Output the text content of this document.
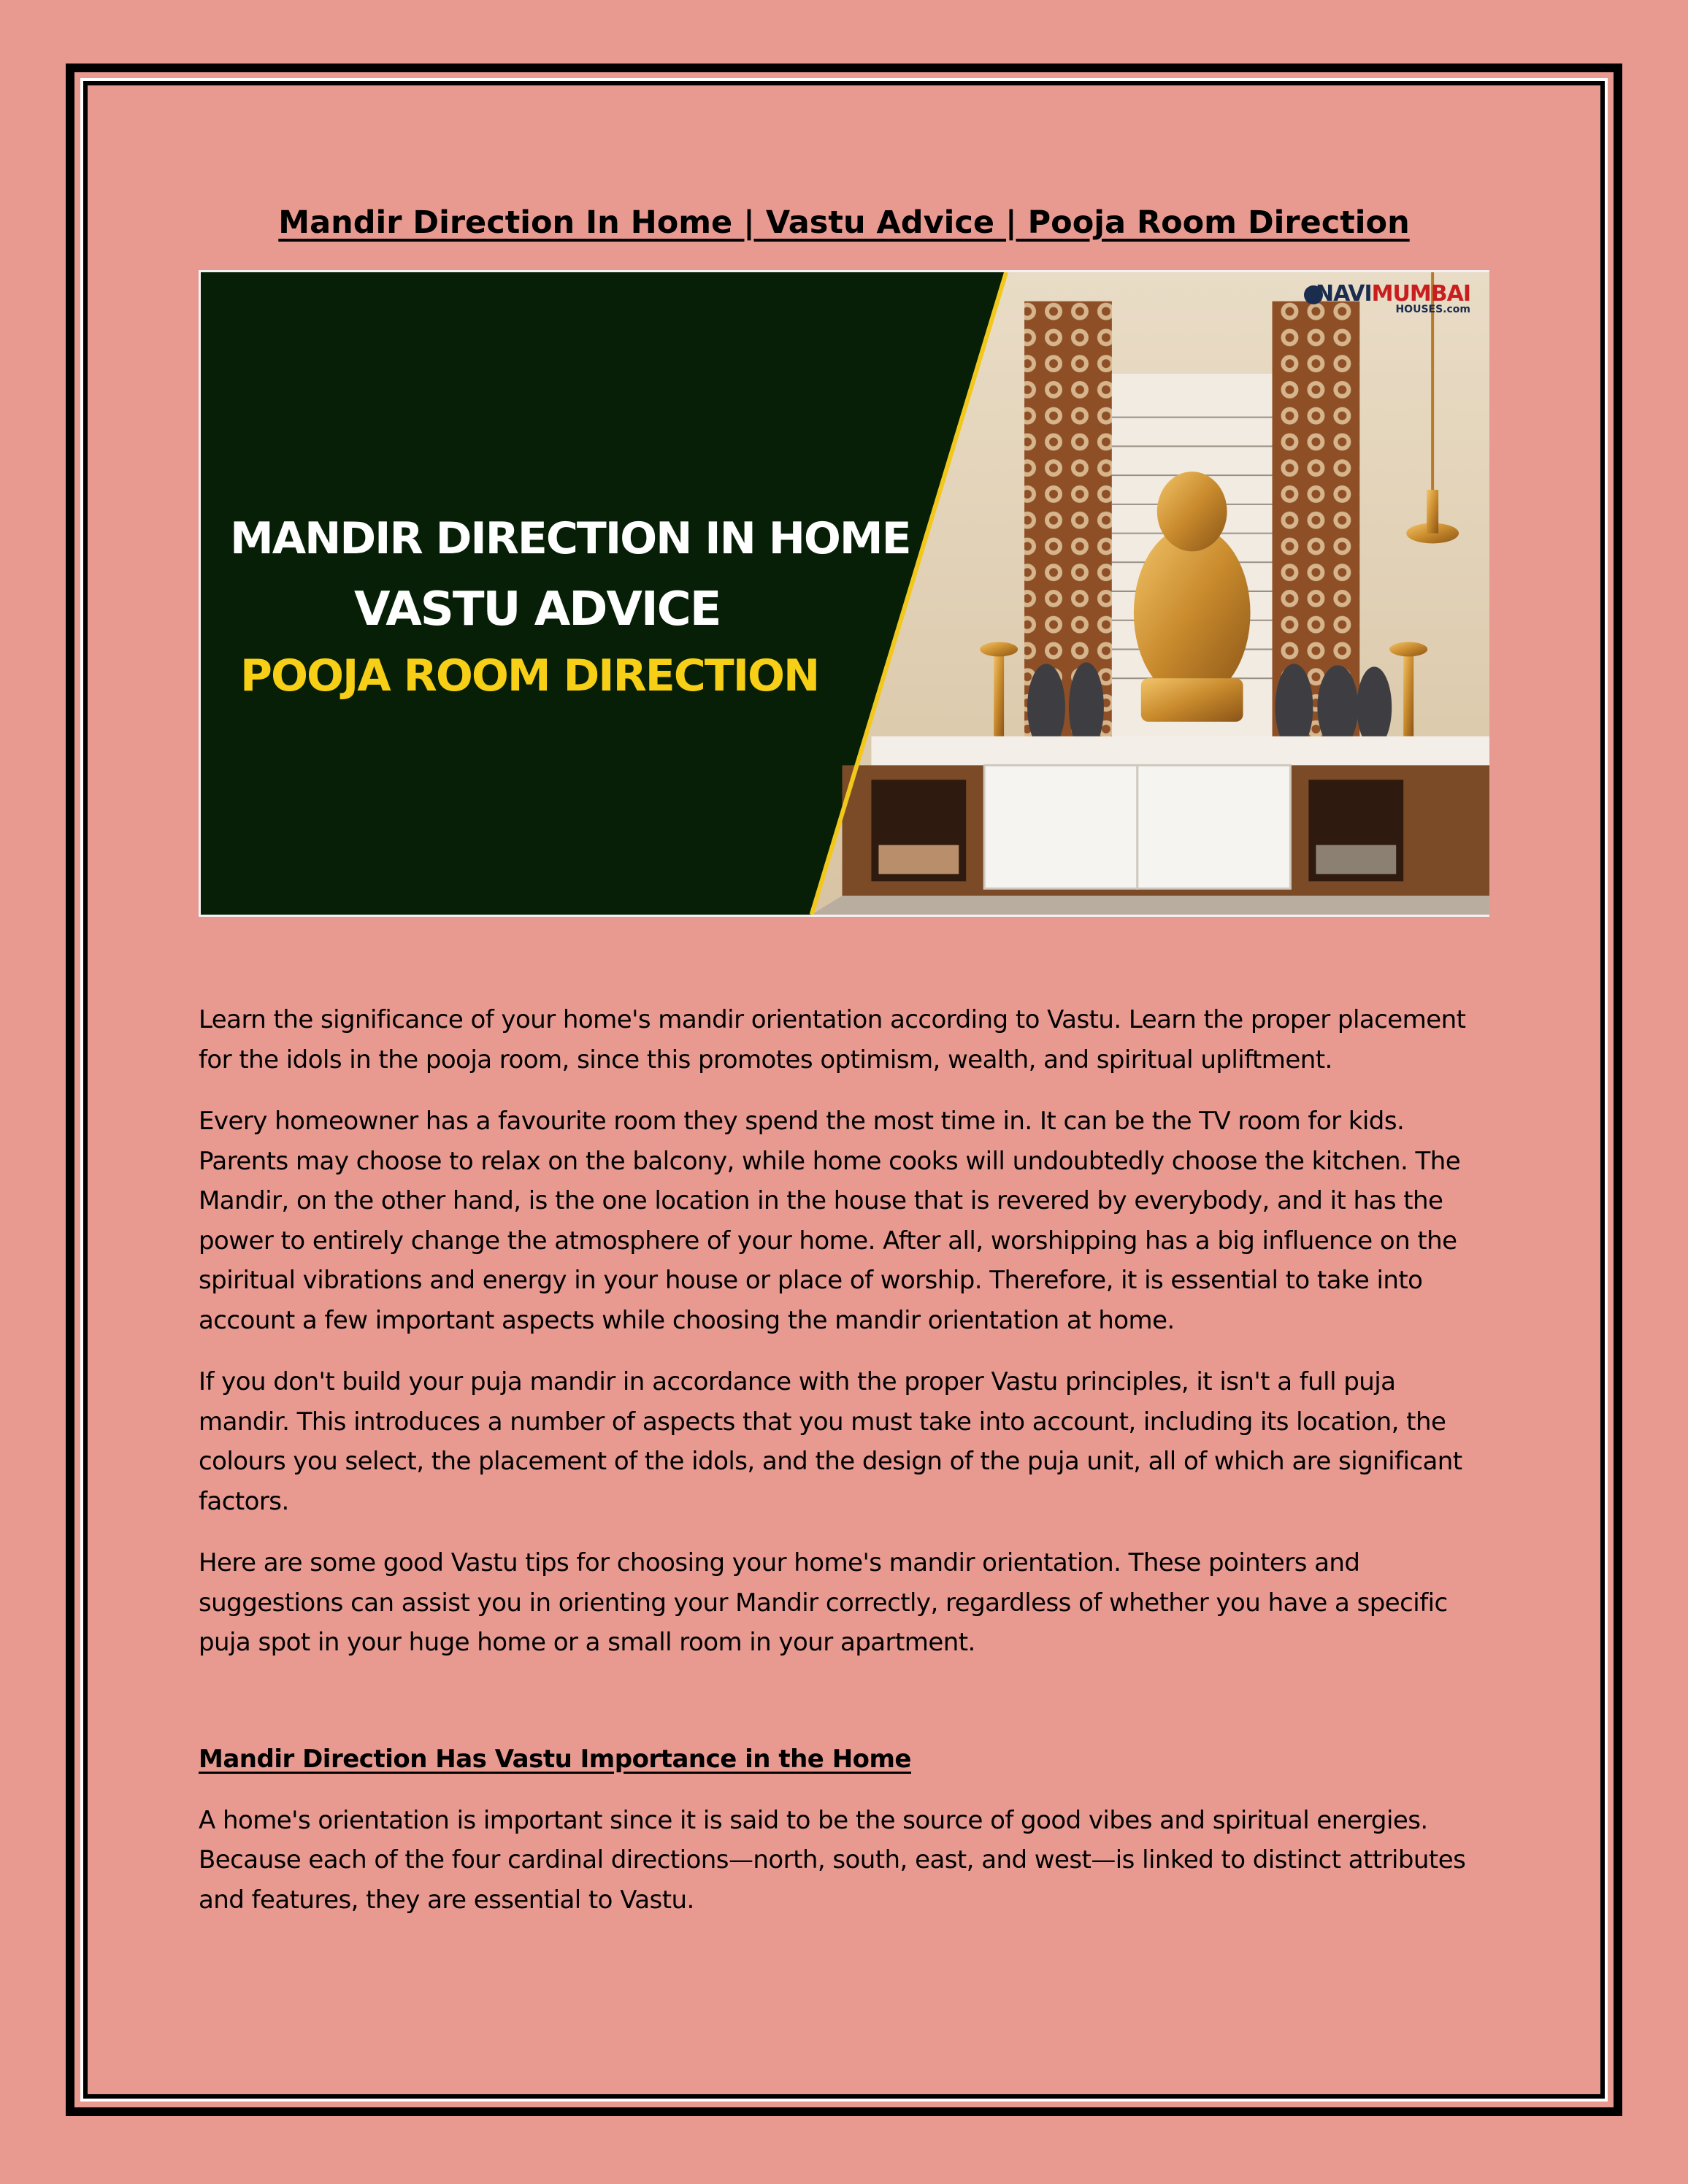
Mandir Direction In Home | Vastu Advice | Pooja Room Direction
MANDIR DIRECTION IN HOME
VASTU ADVICE
POOJA ROOM DIRECTION
NAVIMUMBAI
HOUSES.com

Learn the significance of your home's mandir orientation according to Vastu. Learn the proper placement for the idols in the pooja room, since this promotes optimism, wealth, and spiritual upliftment.

Every homeowner has a favourite room they spend the most time in. It can be the TV room for kids. Parents may choose to relax on the balcony, while home cooks will undoubtedly choose the kitchen. The Mandir, on the other hand, is the one location in the house that is revered by everybody, and it has the power to entirely change the atmosphere of your home. After all, worshipping has a big influence on the spiritual vibrations and energy in your house or place of worship. Therefore, it is essential to take into account a few important aspects while choosing the mandir orientation at home.

If you don't build your puja mandir in accordance with the proper Vastu principles, it isn't a full puja mandir. This introduces a number of aspects that you must take into account, including its location, the colours you select, the placement of the idols, and the design of the puja unit, all of which are significant factors.

Here are some good Vastu tips for choosing your home's mandir orientation. These pointers and suggestions can assist you in orienting your Mandir correctly, regardless of whether you have a specific puja spot in your huge home or a small room in your apartment.

Mandir Direction Has Vastu Importance in the Home

A home's orientation is important since it is said to be the source of good vibes and spiritual energies. Because each of the four cardinal directions—north, south, east, and west—is linked to distinct attributes and features, they are essential to Vastu.
